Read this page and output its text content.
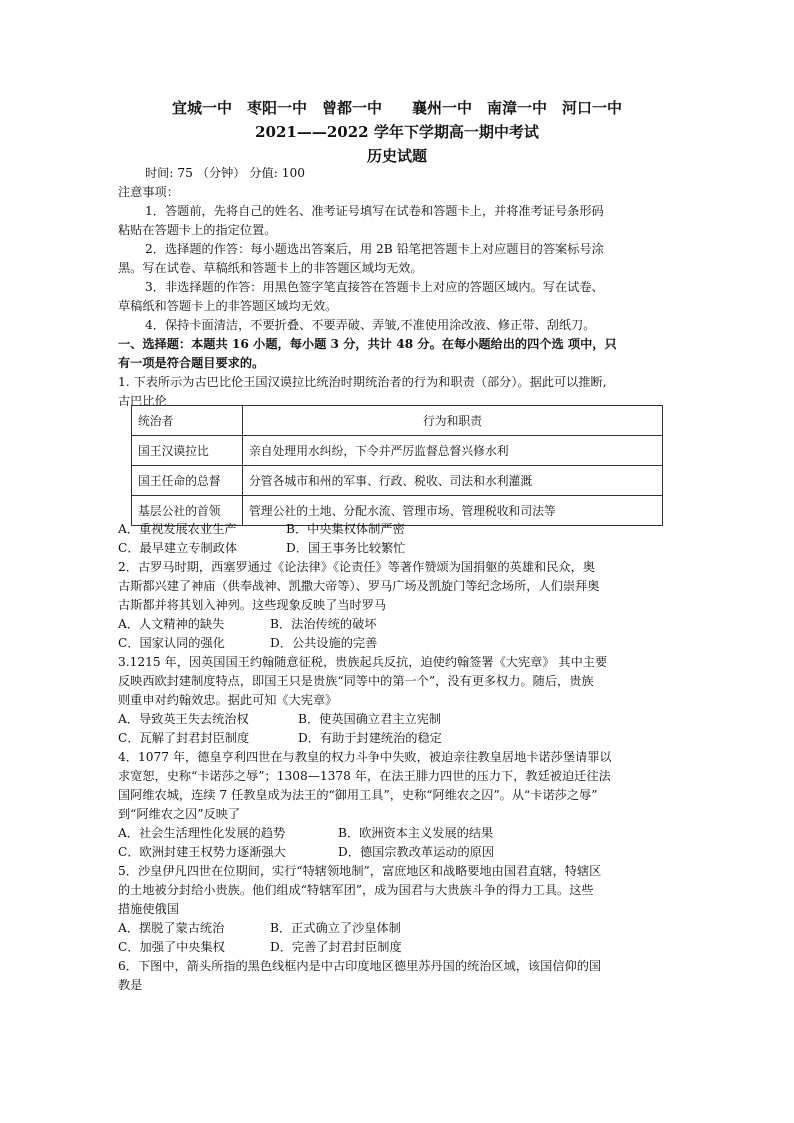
宜城一中　枣阳一中　曾都一中　　襄州一中　南漳一中　河口一中
2021——2022 学年下学期高一期中考试
历史试题
时间: 75 （分钟） 分值: 100
注意事项：
1．答题前，先将自己的姓名、准考证号填写在试卷和答题卡上，并将准考证号条形码
粘贴在答题卡上的指定位置。
2．选择题的作答：每小题选出答案后，用 2B 铅笔把答题卡上对应题目的答案标号涂
黑。写在试卷、草稿纸和答题卡上的非答题区域均无效。
3．非选择题的作答：用黑色签字笔直接答在答题卡上对应的答题区域内。写在试卷、
草稿纸和答题卡上的非答题区域均无效。
4．保持卡面清洁，不要折叠、不要弄破、弄皱,不准使用涂改液、修正带、刮纸刀。
一、选择题：本题共 16 小题，每小题 3 分，共计 48 分。在每小题给出的四个选 项中，只
有一项是符合题目要求的。
1. 下表所示为古巴比伦王国汉谟拉比统治时期统治者的行为和职责（部分）。据此可以推断,
古巴比伦
统治者	行为和职责
国王汉谟拉比	亲自处理用水纠纷，下令并严厉监督总督兴修水利
国王任命的总督	分管各城市和州的军事、行政、税收、司法和水利灌溉
基层公社的首领	管理公社的土地、分配水流、管理市场、管理税收和司法等
A．重视发展农业生产	B．中央集权体制严密
C．最早建立专制政体	D．国王事务比较繁忙
2．古罗马时期，西塞罗通过《论法律》《论责任》等著作赞颂为国捐躯的英雄和民众，奥
古斯都兴建了神庙（供奉战神、凯撒大帝等）、罗马广场及凯旋门等纪念场所，人们崇拜奥
古斯都并将其划入神列。这些现象反映了当时罗马
A．人文精神的缺失	B．法治传统的破坏
C．国家认同的强化	D．公共设施的完善
3.1215 年，因英国国王约翰随意征税，贵族起兵反抗，迫使约翰签署《大宪章》 其中主要
反映西欧封建制度特点，即国王只是贵族“同等中的第一个”，没有更多权力。随后，贵族
则重申对约翰效忠。据此可知《大宪章》
A．导致英王失去统治权	B．使英国确立君主立宪制
C．瓦解了封君封臣制度	D．有助于封建统治的稳定
4．1077 年，德皇亨利四世在与教皇的权力斗争中失败，被迫亲往教皇居地卡诺莎堡请罪以
求宽恕，史称“卡诺莎之辱”；1308—1378 年，在法王腓力四世的压力下，教廷被迫迁往法
国阿维农城，连续 7 任教皇成为法王的“御用工具”，史称“阿维农之囚”。从“卡诺莎之辱”
到“阿维农之囚”反映了
A．社会生活理性化发展的趋势	B．欧洲资本主义发展的结果
C．欧洲封建王权势力逐渐强大	D．德国宗教改革运动的原因
5．沙皇伊凡四世在位期间，实行“特辖领地制”，富庶地区和战略要地由国君直辖，特辖区
的土地被分封给小贵族。他们组成“特辖军团”，成为国君与大贵族斗争的得力工具。这些
措施使俄国
A．摆脱了蒙古统治	B．正式确立了沙皇体制
C．加强了中央集权	D．完善了封君封臣制度
6．下图中，箭头所指的黑色线框内是中古印度地区德里苏丹国的统治区域，该国信仰的国
教是
